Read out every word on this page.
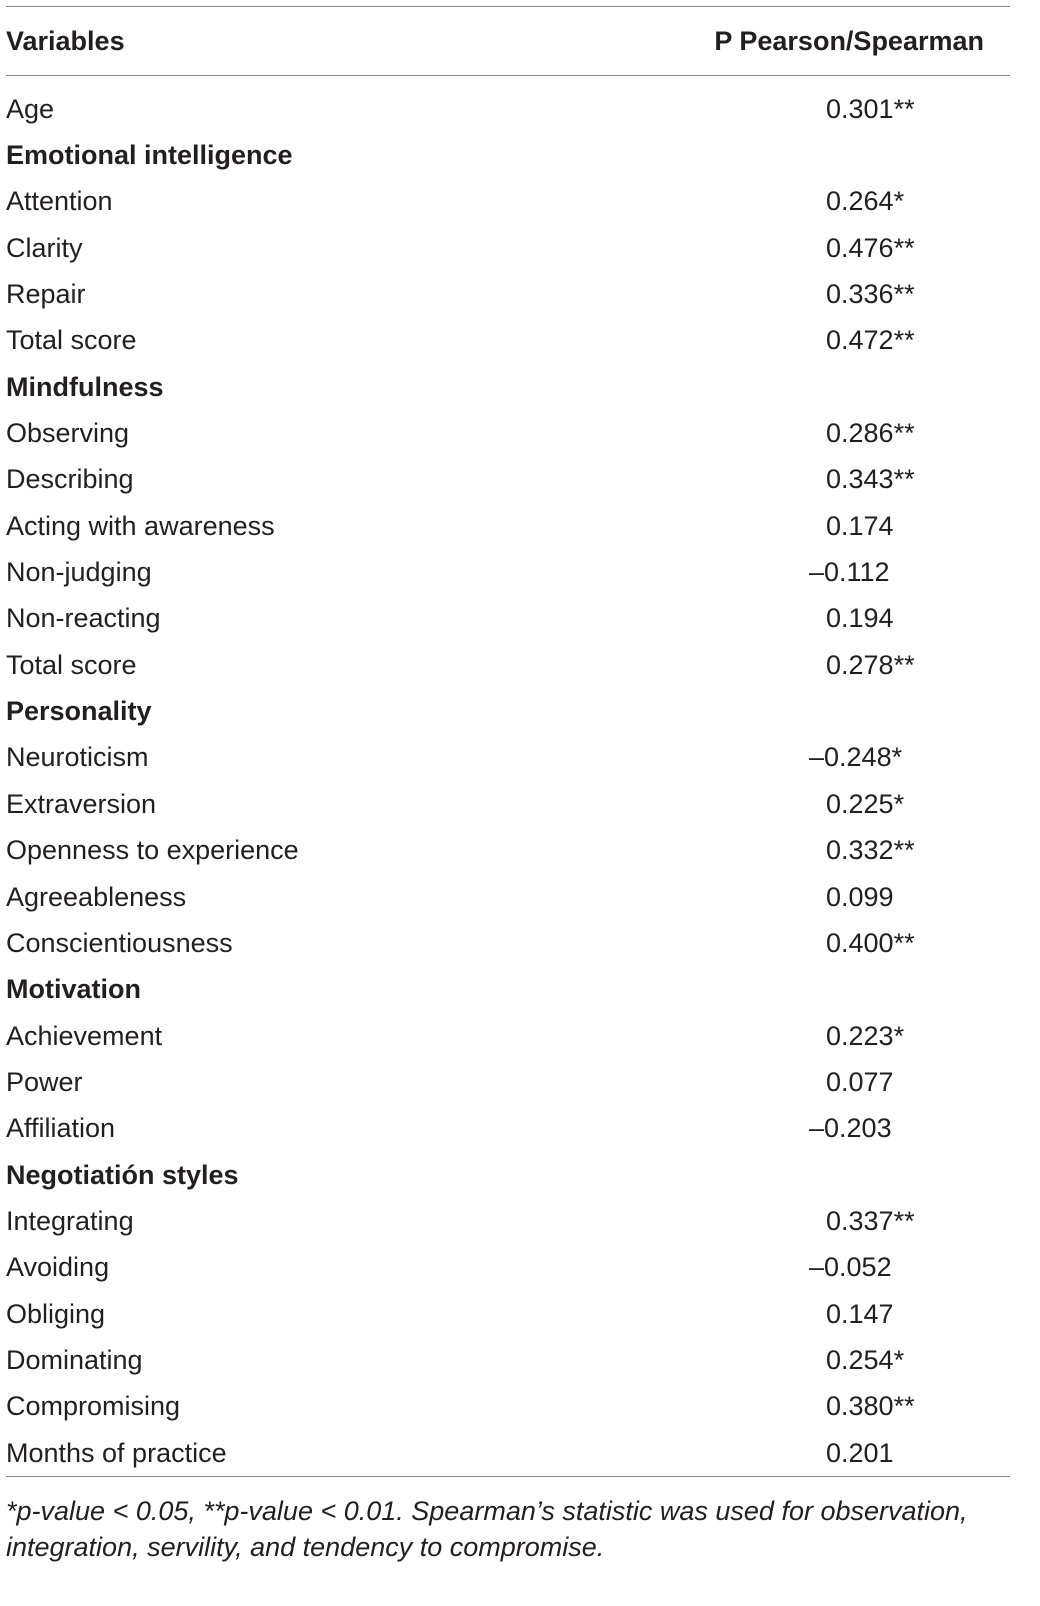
Variables	P Pearson/Spearman
Age	0.301**
Emotional intelligence
Attention	0.264*
Clarity	0.476**
Repair	0.336**
Total score	0.472**
Mindfulness
Observing	0.286**
Describing	0.343**
Acting with awareness	0.174
Non-judging	–0.112
Non-reacting	0.194
Total score	0.278**
Personality
Neuroticism	–0.248*
Extraversion	0.225*
Openness to experience	0.332**
Agreeableness	0.099
Conscientiousness	0.400**
Motivation
Achievement	0.223*
Power	0.077
Affiliation	–0.203
Negotiatión styles
Integrating	0.337**
Avoiding	–0.052
Obliging	0.147
Dominating	0.254*
Compromising	0.380**
Months of practice	0.201
*p-value < 0.05, **p-value < 0.01. Spearman’s statistic was used for observation, integration, servility, and tendency to compromise.
